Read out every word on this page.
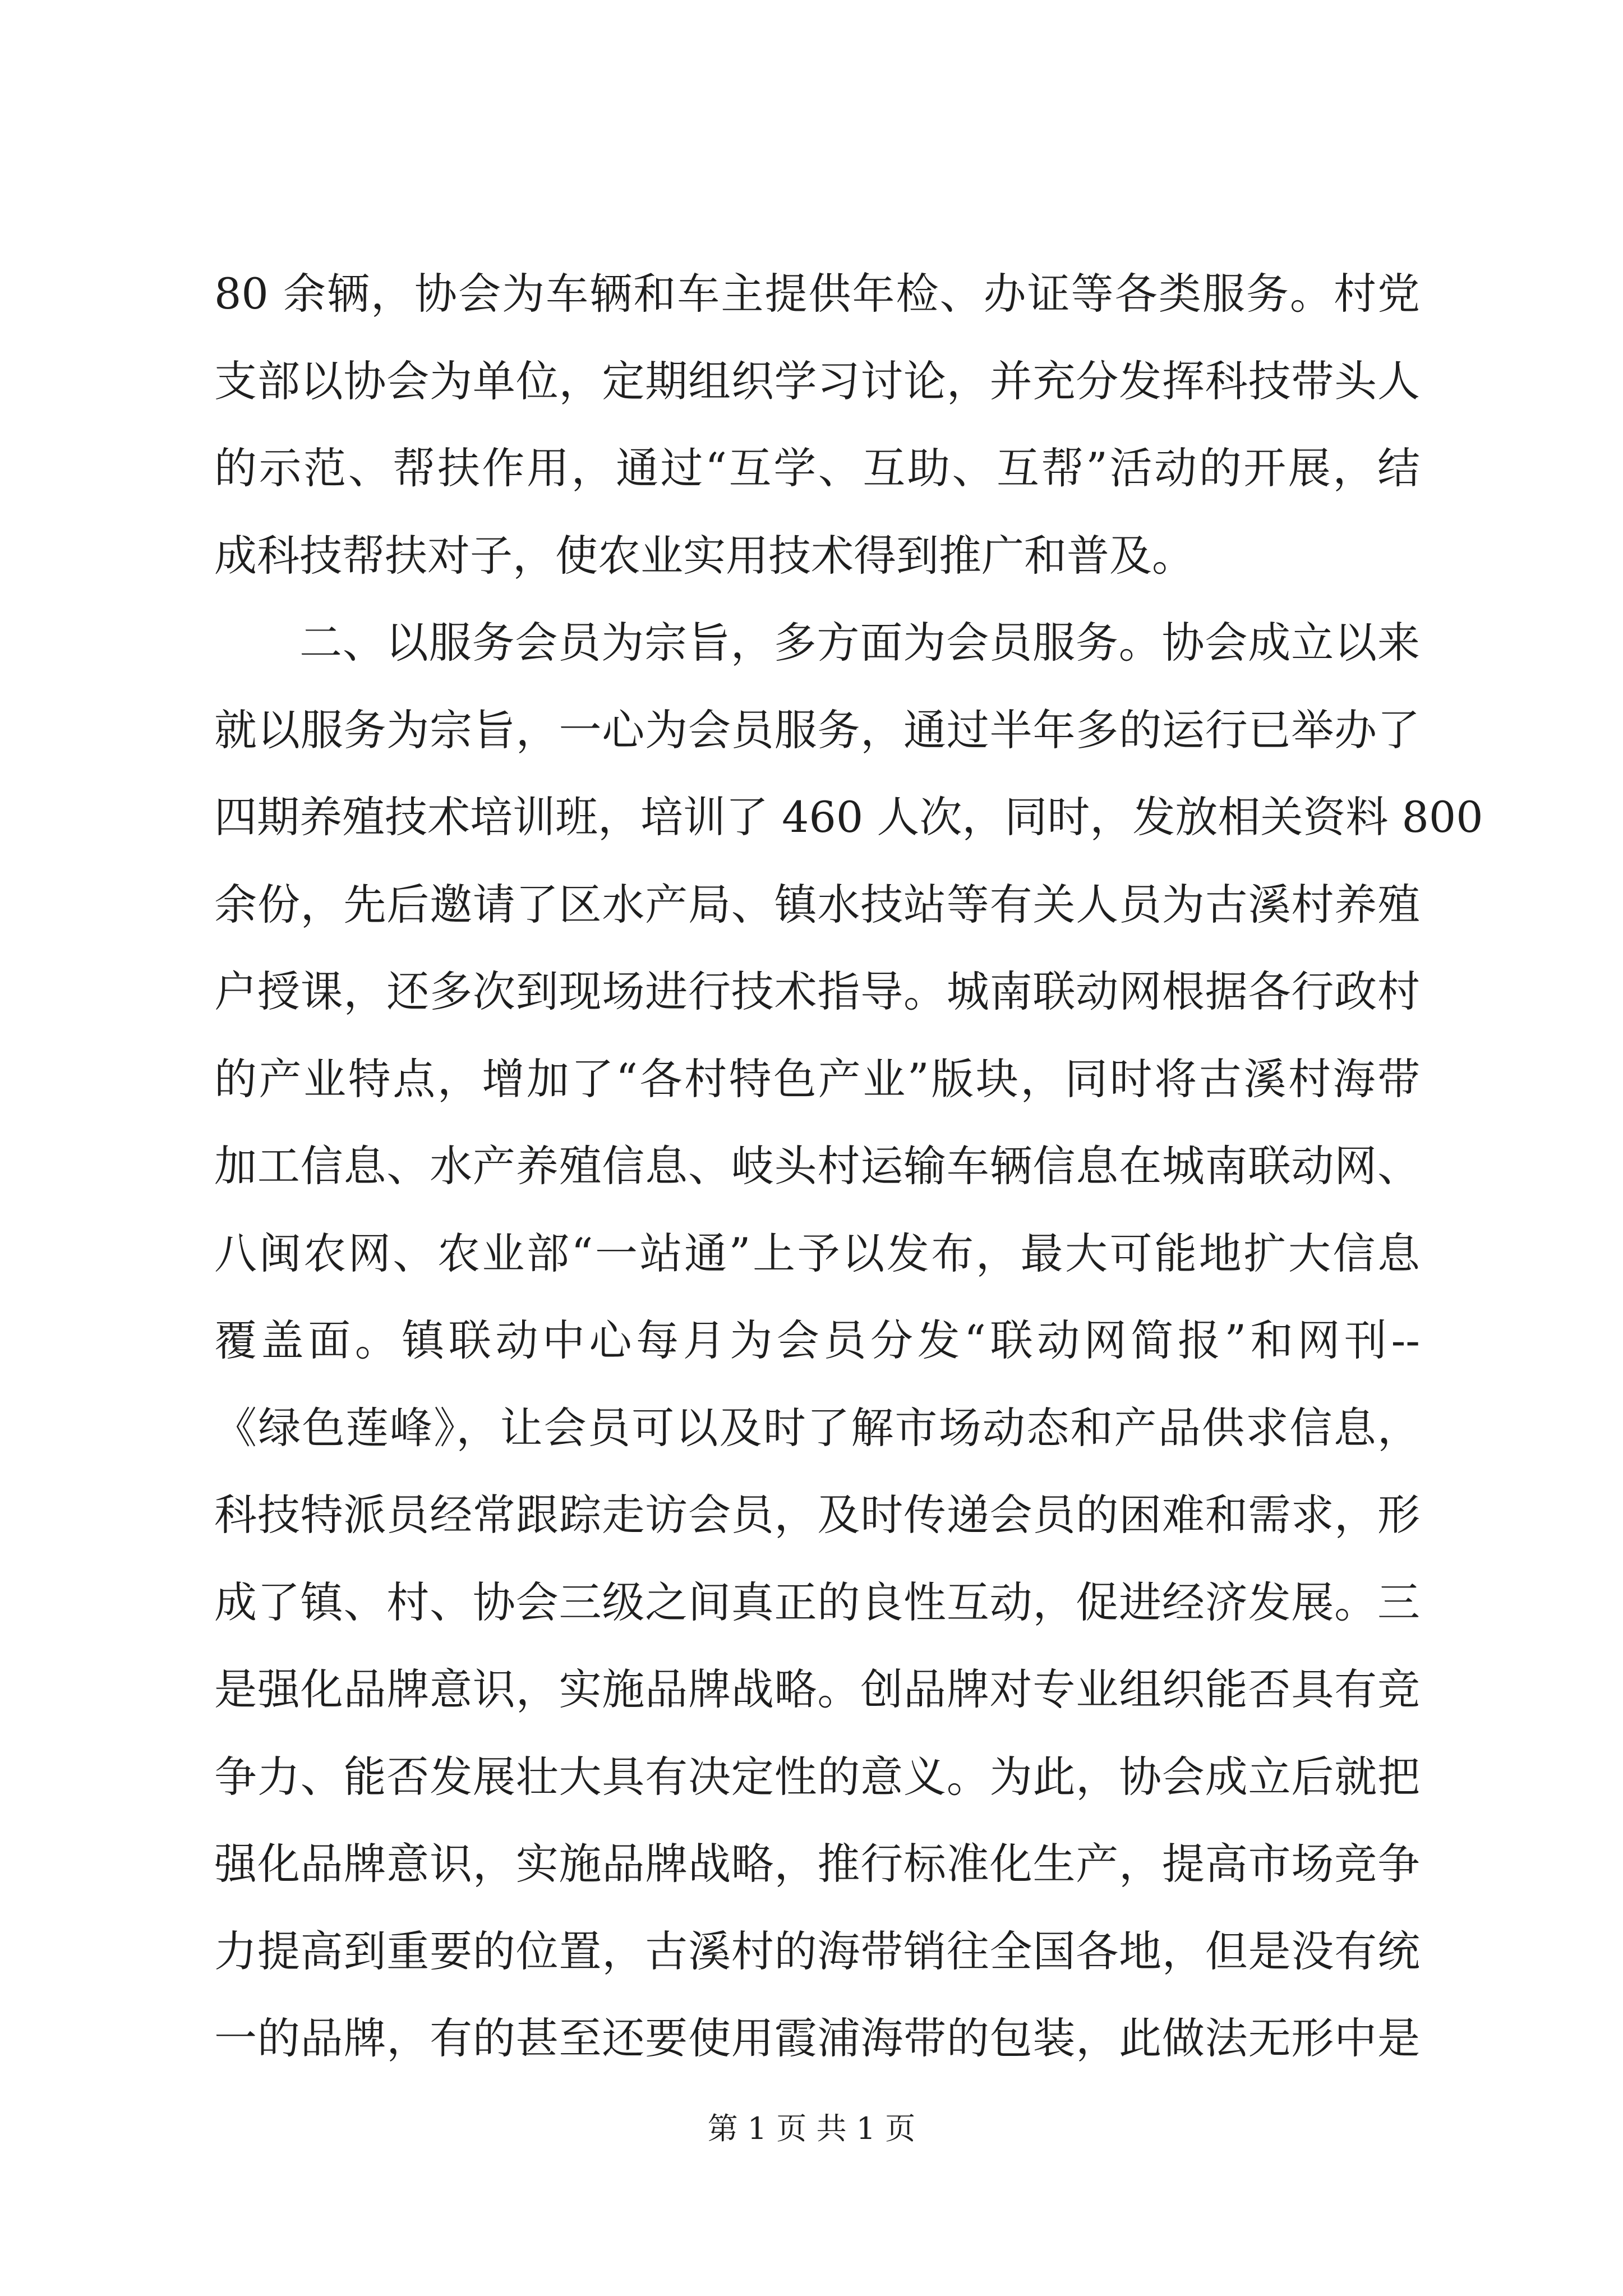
80 余辆，协会为车辆和车主提供年检、办证等各类服务。村党
支部以协会为单位，定期组织学习讨论，并充分发挥科技带头人
的示范、帮扶作用，通过“互学、互助、互帮”活动的开展，结
成科技帮扶对子，使农业实用技术得到推广和普及。
二、以服务会员为宗旨，多方面为会员服务。协会成立以来
就以服务为宗旨，一心为会员服务，通过半年多的运行已举办了
四期养殖技术培训班，培训了 460 人次，同时，发放相关资料 800
余份，先后邀请了区水产局、镇水技站等有关人员为古溪村养殖
户授课，还多次到现场进行技术指导。城南联动网根据各行政村
的产业特点，增加了“各村特色产业”版块，同时将古溪村海带
加工信息、水产养殖信息、岐头村运输车辆信息在城南联动网、
八闽农网、农业部“一站通”上予以发布，最大可能地扩大信息
覆盖面。镇联动中心每月为会员分发“联动网简报”和网刊--
《绿色莲峰》，让会员可以及时了解市场动态和产品供求信息，
科技特派员经常跟踪走访会员，及时传递会员的困难和需求，形
成了镇、村、协会三级之间真正的良性互动，促进经济发展。三
是强化品牌意识，实施品牌战略。创品牌对专业组织能否具有竞
争力、能否发展壮大具有决定性的意义。为此，协会成立后就把
强化品牌意识，实施品牌战略，推行标准化生产，提高市场竞争
力提高到重要的位置，古溪村的海带销往全国各地，但是没有统
一的品牌，有的甚至还要使用霞浦海带的包装，此做法无形中是
第 1 页 共 1 页
